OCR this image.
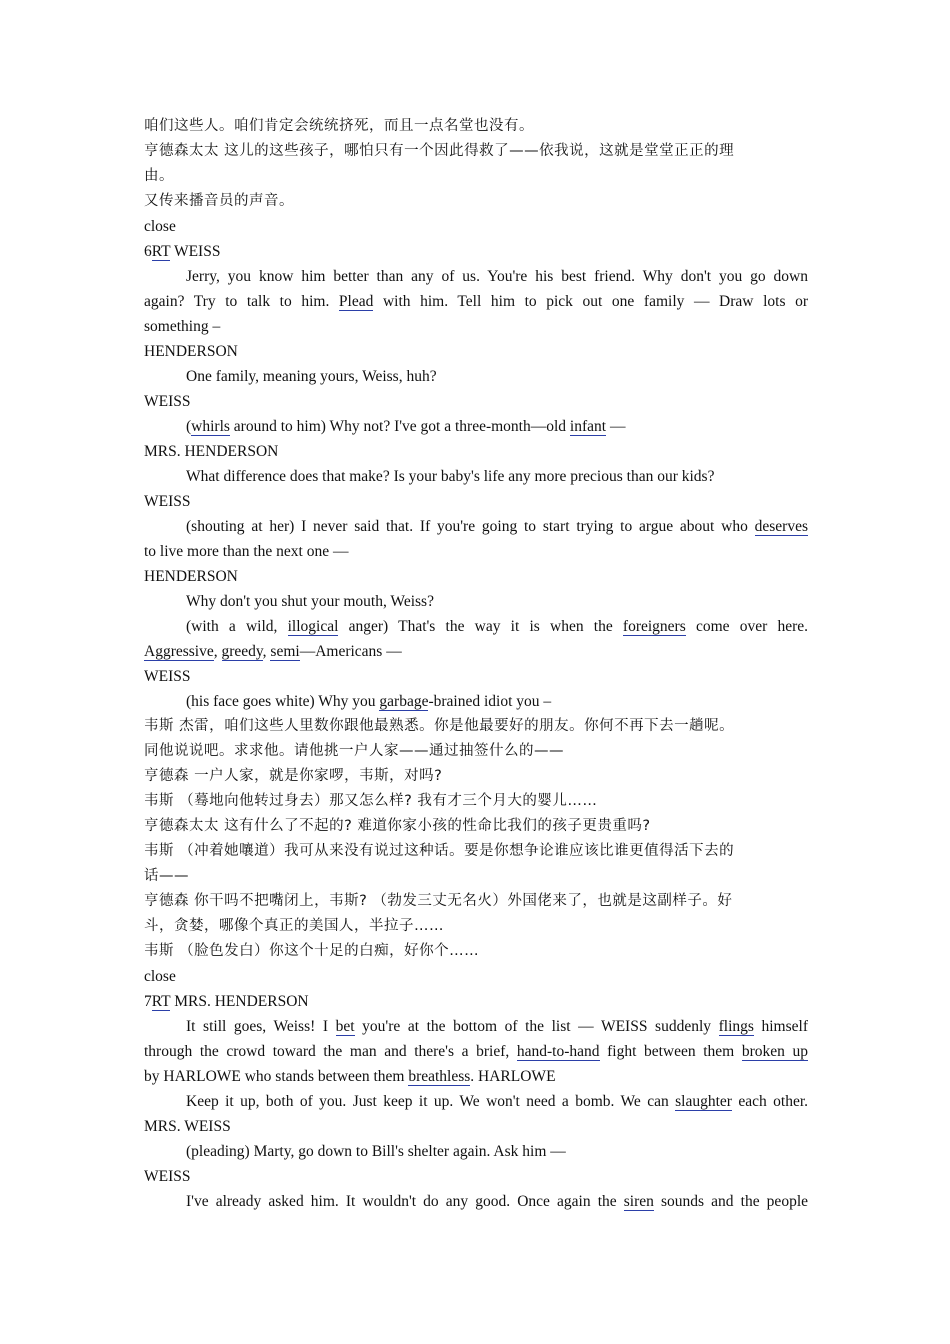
咱们这些人。咱们肯定会统统挤死，而且一点名堂也没有。
亨德森太太 这儿的这些孩子，哪怕只有一个因此得救了——依我说，这就是堂堂正正的理
由。
又传来播音员的声音。
close
6RT WEISS
Jerry, you know him better than any of us. You're his best friend. Why don't you go down
again? Try to talk to him. Plead with him. Tell him to pick out one family — Draw lots or
something –
HENDERSON
One family, meaning yours, Weiss, huh?
WEISS
(whirls around to him) Why not? I've got a three-month—old infant —
MRS. HENDERSON
What difference does that make? Is your baby's life any more precious than our kids?
WEISS
(shouting at her) I never said that. If you're going to start trying to argue about who deserves
to live more than the next one —
HENDERSON
Why don't you shut your mouth, Weiss?
(with a wild, illogical anger) That's the way it is when the foreigners come over here.
Aggressive, greedy, semi—Americans —
WEISS
(his face goes white) Why you garbage-brained idiot you –
韦斯 杰雷，咱们这些人里数你跟他最熟悉。你是他最要好的朋友。你何不再下去一趟呢。
同他说说吧。求求他。请他挑一户人家——通过抽签什么的——
亨德森 一户人家，就是你家啰，韦斯，对吗?
韦斯 （蓦地向他转过身去）那又怎么样? 我有才三个月大的婴儿……
亨德森太太 这有什么了不起的? 难道你家小孩的性命比我们的孩子更贵重吗?
韦斯 （冲着她嚷道）我可从来没有说过这种话。要是你想争论谁应该比谁更值得活下去的
话——
亨德森 你干吗不把嘴闭上，韦斯? （勃发三丈无名火）外国佬来了，也就是这副样子。好
斗，贪婪，哪像个真正的美国人，半拉子……
韦斯 （脸色发白）你这个十足的白痴，好你个……
close
7RT MRS. HENDERSON
It still goes, Weiss! I bet you're at the bottom of the list — WEISS suddenly flings himself
through the crowd toward the man and there's a brief, hand-to-hand fight between them broken up
by HARLOWE who stands between them breathless. HARLOWE
Keep it up, both of you. Just keep it up. We won't need a bomb. We can slaughter each other.
MRS. WEISS
(pleading) Marty, go down to Bill's shelter again. Ask him —
WEISS
I've already asked him. It wouldn't do any good. Once again the siren sounds and the people
